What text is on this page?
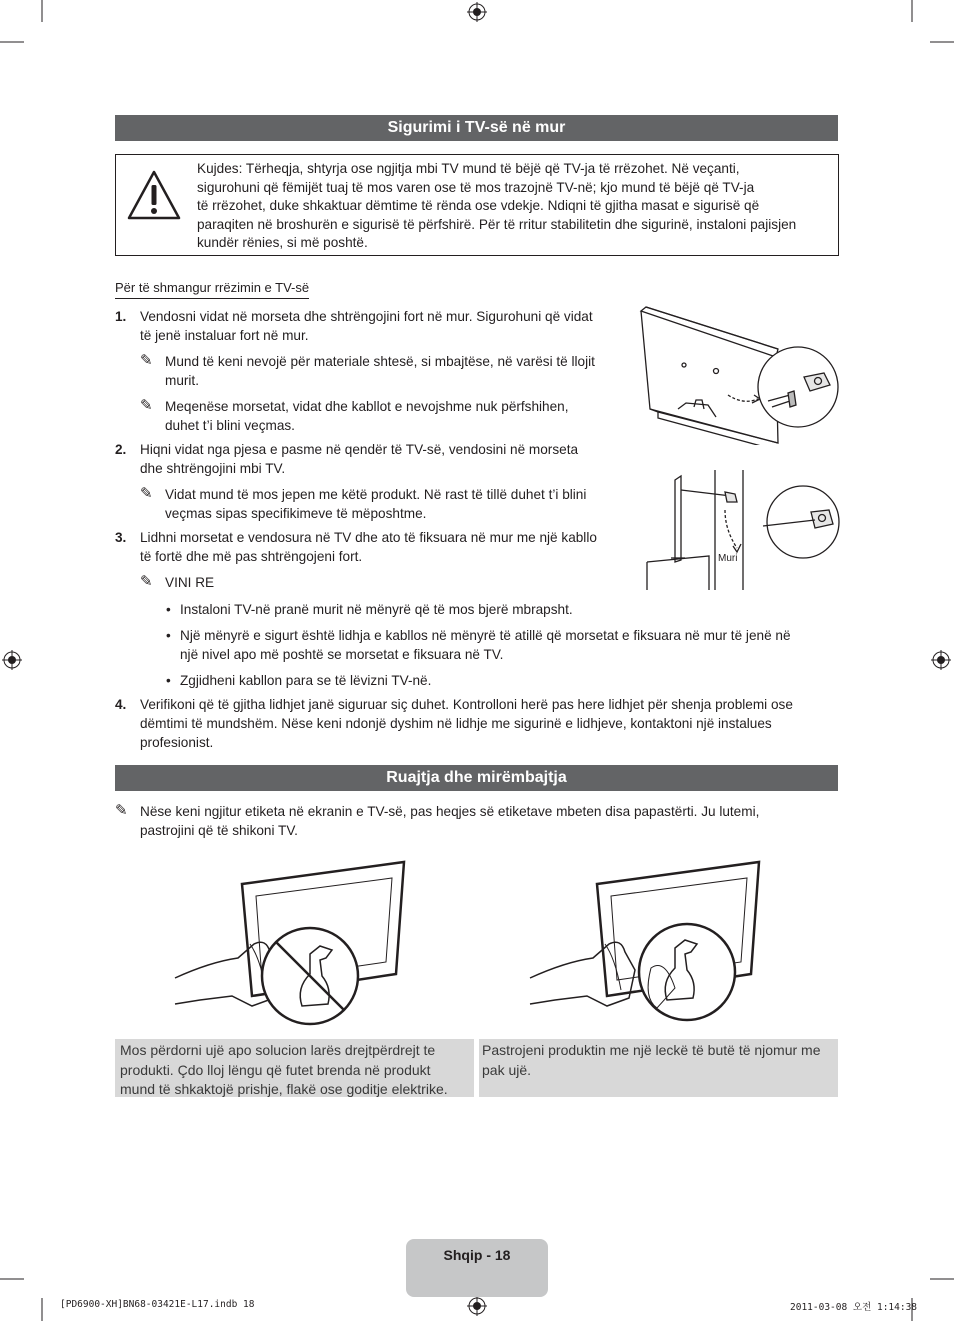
Sigurimi i TV-së në mur
Kujdes: Tërheqja, shtyrja ose ngjitja mbi TV mund të bëjë që TV-ja të rrëzohet. Në veçanti,
sigurohuni që fëmijët tuaj të mos varen ose të mos trazojnë TV-në; kjo mund të bëjë që TV-ja
të rrëzohet, duke shkaktuar dëmtime të rënda ose vdekje. Ndiqni të gjitha masat e sigurisë që
paraqiten në broshurën e sigurisë të përfshirë. Për të rritur stabilitetin dhe sigurinë, instaloni pajisjen
kundër rënies, si më poshtë.
Për të shmangur rrëzimin e TV-së
1. Vendosni vidat në morseta dhe shtrëngojini fort në mur. Sigurohuni që vidat
të jenë instaluar fort në mur.
✎ Mund të keni nevojë për materiale shtesë, si mbajtëse, në varësi të llojit
murit.
✎ Meqenëse morsetat, vidat dhe kabllot e nevojshme nuk përfshihen,
duhet t’i blini veçmas.
2. Hiqni vidat nga pjesa e pasme në qendër të TV-së, vendosini në morseta
dhe shtrëngojini mbi TV.
✎ Vidat mund të mos jepen me këtë produkt. Në rast të tillë duhet t’i blini
veçmas sipas specifikimeve të mëposhtme.
3. Lidhni morsetat e vendosura në TV dhe ato të fiksuara në mur me një kabllo
të fortë dhe më pas shtrëngojeni fort.
✎ VINI RE
• Instaloni TV-në pranë murit në mënyrë që të mos bjerë mbrapsht.
• Një mënyrë e sigurt është lidhja e kabllos në mënyrë të atillë që morsetat e fiksuara në mur të jenë në
një nivel apo më poshtë se morsetat e fiksuara në TV.
• Zgjidheni kabllon para se të lëvizni TV-në.
4. Verifikoni që të gjitha lidhjet janë siguruar siç duhet. Kontrolloni herë pas here lidhjet për shenja problemi ose
dëmtimi të mundshëm. Nëse keni ndonjë dyshim në lidhje me sigurinë e lidhjeve, kontaktoni një instalues
profesionist.
Muri
Ruajtja dhe mirëmbajtja
✎ Nëse keni ngjitur etiketa në ekranin e TV-së, pas heqjes së etiketave mbeten disa papastërti. Ju lutemi,
pastrojini që të shikoni TV.
Mos përdorni ujë apo solucion larës drejtpërdrejt te
produkti. Çdo lloj lëngu që futet brenda në produkt
mund të shkaktojë prishje, flakë ose goditje elektrike.
Pastrojeni produktin me një leckë të butë të njomur me
pak ujë.
Shqip - 18
[PD6900-XH]BN68-03421E-L17.indb 18	2011-03-08 오전 1:14:38
